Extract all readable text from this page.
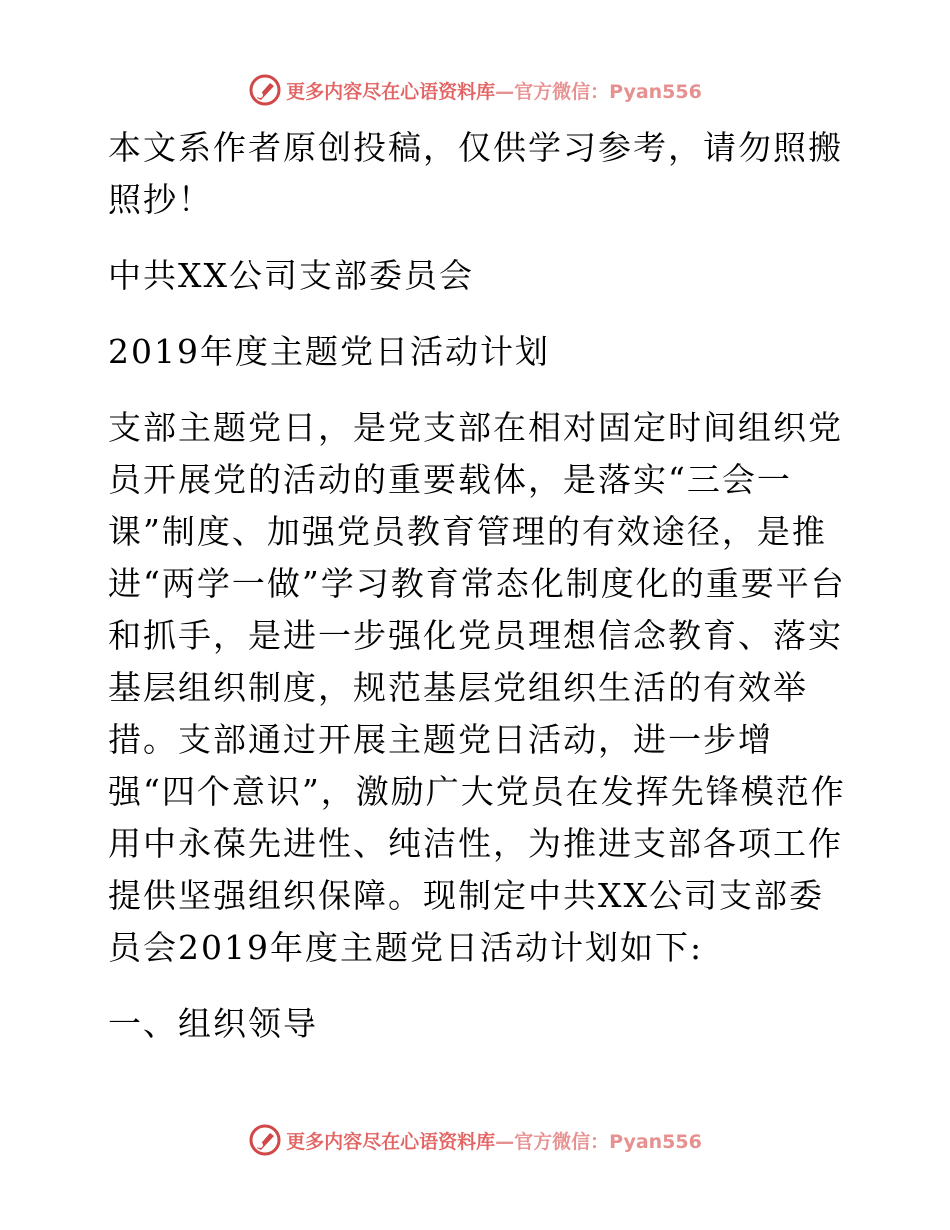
更多内容尽在心语资料库—官方微信：Pyan556

本文系作者原创投稿，仅供学习参考，请勿照搬照抄！

中共XX公司支部委员会

2019年度主题党日活动计划

支部主题党日，是党支部在相对固定时间组织党员开展党的活动的重要载体，是落实“三会一课”制度、加强党员教育管理的有效途径，是推进“两学一做”学习教育常态化制度化的重要平台和抓手，是进一步强化党员理想信念教育、落实基层组织制度，规范基层党组织生活的有效举措。支部通过开展主题党日活动，进一步增强“四个意识”，激励广大党员在发挥先锋模范作用中永葆先进性、纯洁性，为推进支部各项工作提供坚强组织保障。现制定中共XX公司支部委员会2019年度主题党日活动计划如下:

一、组织领导

更多内容尽在心语资料库—官方微信：Pyan556
